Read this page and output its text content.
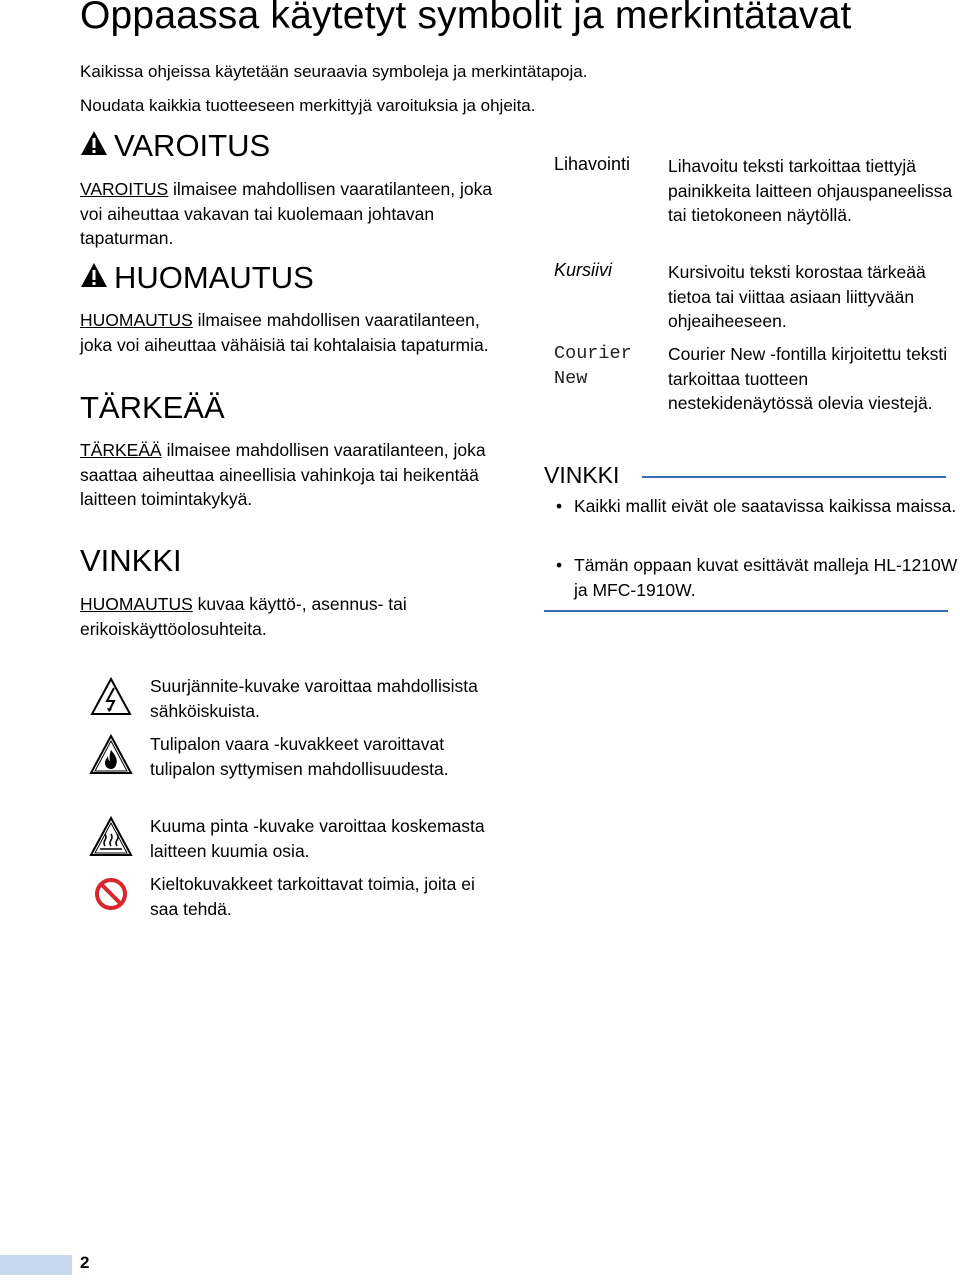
Oppaassa käytetyt symbolit ja merkintätavat
Kaikissa ohjeissa käytetään seuraavia symboleja ja merkintätapoja.
Noudata kaikkia tuotteeseen merkittyjä varoituksia ja ohjeita.
VAROITUS
VAROITUS ilmaisee mahdollisen vaaratilanteen, joka voi aiheuttaa vakavan tai kuolemaan johtavan tapaturman.
HUOMAUTUS
HUOMAUTUS ilmaisee mahdollisen vaaratilanteen, joka voi aiheuttaa vähäisiä tai kohtalaisia tapaturmia.
TÄRKEÄÄ
TÄRKEÄÄ ilmaisee mahdollisen vaaratilanteen, joka saattaa aiheuttaa aineellisia vahinkoja tai heikentää laitteen toimintakykyä.
VINKKI
HUOMAUTUS kuvaa käyttö-, asennus- tai erikoiskäyttöolosuhteita.
Lihavointi Lihavoitu teksti tarkoittaa tiettyjä painikkeita laitteen ohjauspaneelissa tai tietokoneen näytöllä.
Kursiivi	Kursivoitu teksti korostaa tärkeää tietoa tai viittaa asiaan liittyvään ohjeaiheeseen.
Courier
New
Courier New -fontilla kirjoitettu teksti tarkoittaa tuotteen nestekidenäytössä olevia viestejä.
VINKKI
• Kaikki mallit eivät ole saatavissa kaikissa maissa.
• Tämän oppaan kuvat esittävät malleja HL-1210W ja MFC-1910W.
Suurjännite-kuvake varoittaa mahdollisista sähköiskuista.
Tulipalon vaara -kuvakkeet varoittavat tulipalon syttymisen mahdollisuudesta.
Kuuma pinta -kuvake varoittaa koskemasta laitteen kuumia osia.
Kieltokuvakkeet tarkoittavat toimia, joita ei saa tehdä.
2
